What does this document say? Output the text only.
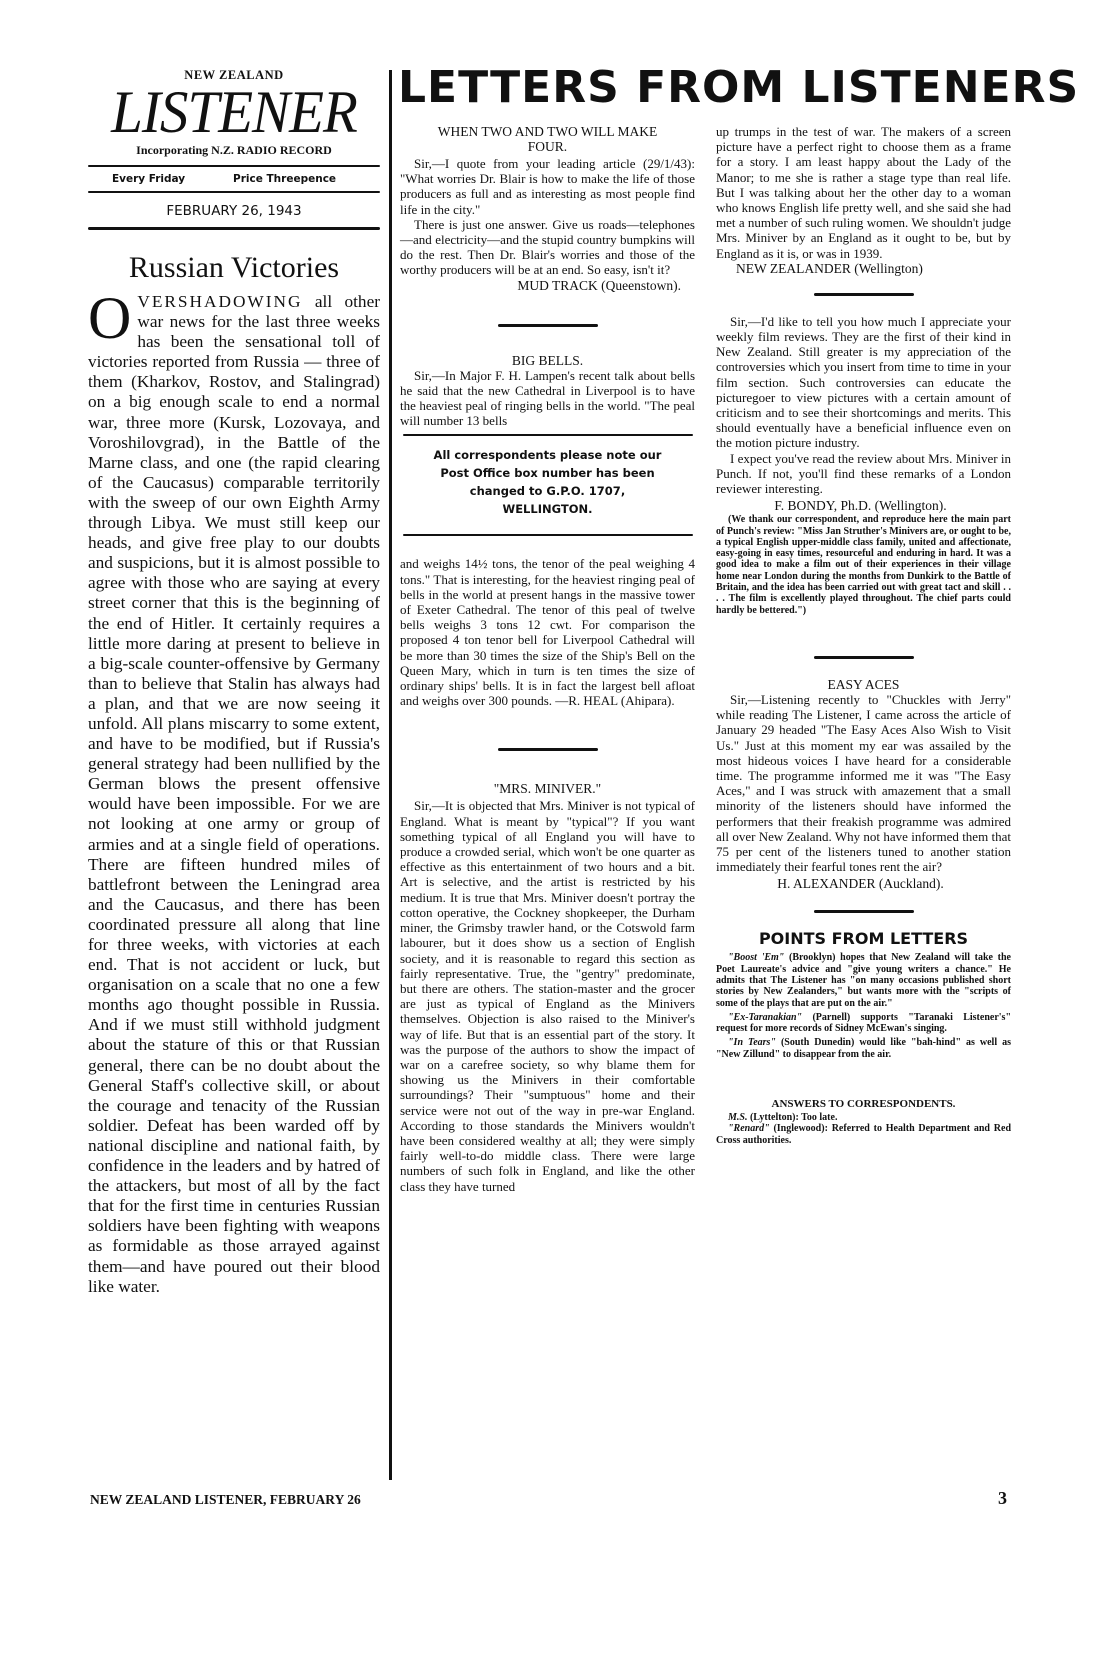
NEW ZEALAND
LISTENER
Incorporating N.Z. RADIO RECORD
Every Friday	Price Threepence
FEBRUARY 26, 1943
Russian Victories
OVERSHADOWING all other war news for the last three weeks has been the sensational toll of victories reported from Russia — three of them (Kharkov, Rostov, and Stalingrad) on a big enough scale to end a normal war, three more (Kursk, Lozovaya, and Voroshilovgrad), in the Battle of the Marne class, and one (the rapid clearing of the Caucasus) comparable territorily with the sweep of our own Eighth Army through Libya. We must still keep our heads, and give free play to our doubts and suspicions, but it is almost possible to agree with those who are saying at every street corner that this is the beginning of the end of Hitler. It certainly requires a little more daring at present to believe in a big-scale counter-offensive by Germany than to believe that Stalin has always had a plan, and that we are now seeing it unfold. All plans miscarry to some extent, and have to be modified, but if Russia's general strategy had been nullified by the German blows the present offensive would have been impossible. For we are not looking at one army or group of armies and at a single field of operations. There are fifteen hundred miles of battlefront between the Leningrad area and the Caucasus, and there has been coordinated pressure all along that line for three weeks, with victories at each end. That is not accident or luck, but organisation on a scale that no one a few months ago thought possible in Russia. And if we must still withhold judgment about the stature of this or that Russian general, there can be no doubt about the General Staff's collective skill, or about the courage and tenacity of the Russian soldier. Defeat has been warded off by national discipline and national faith, by confidence in the leaders and by hatred of the attackers, but most of all by the fact that for the first time in centuries Russian soldiers have been fighting with weapons as formidable as those arrayed against them—and have poured out their blood like water.
LETTERS FROM LISTENERS
WHEN TWO AND TWO WILL MAKE FOUR.

Sir,—I quote from your leading article (29/1/43): "What worries Dr. Blair is how to make the life of those producers as full and as interesting as most people find life in the city."

There is just one answer. Give us roads—telephones—and electricity—and the stupid country bumpkins will do the rest. Then Dr. Blair's worries and those of the worthy producers will be at an end. So easy, isn't it?

MUD TRACK (Queenstown).
BIG BELLS.

Sir,—In Major F. H. Lampen's recent talk about bells he said that the new Cathedral in Liverpool is to have the heaviest peal of ringing bells in the world. "The peal will number 13 bells

All correspondents please note our Post Office box number has been changed to G.P.O. 1707, WELLINGTON.

and weighs 14½ tons, the tenor of the peal weighing 4 tons." That is interesting, for the heaviest ringing peal of bells in the world at present hangs in the massive tower of Exeter Cathedral. The tenor of this peal of twelve bells weighs 3 tons 12 cwt. For comparison the proposed 4 ton tenor bell for Liverpool Cathedral will be more than 30 times the size of the Ship's Bell on the Queen Mary, which in turn is ten times the size of ordinary ships' bells. It is in fact the largest bell afloat and weighs over 300 pounds. —R. HEAL (Ahipara).
"MRS. MINIVER."

Sir,—It is objected that Mrs. Miniver is not typical of England. What is meant by "typical"? If you want something typical of all England you will have to produce a crowded serial, which won't be one quarter as effective as this entertainment of two hours and a bit. Art is selective, and the artist is restricted by his medium. It is true that Mrs. Miniver doesn't portray the cotton operative, the Cockney shopkeeper, the Durham miner, the Grimsby trawler hand, or the Cotswold farm labourer, but it does show us a section of English society, and it is reasonable to regard this section as fairly representative. True, the "gentry" predominate, but there are others. The station-master and the grocer are just as typical of England as the Minivers themselves. Objection is also raised to the Miniver's way of life. But that is an essential part of the story. It was the purpose of the authors to show the impact of war on a carefree society, so why blame them for showing us the Minivers in their comfortable surroundings? Their "sumptuous" home and their service were not out of the way in pre-war England. According to those standards the Minivers wouldn't have been considered wealthy at all; they were simply fairly well-to-do middle class. There were large numbers of such folk in England, and like the other class they have turned

up trumps in the test of war. The makers of a screen picture have a perfect right to choose them as a frame for a story. I am least happy about the Lady of the Manor; to me she is rather a stage type than real life. But I was talking about her the other day to a woman who knows English life pretty well, and she said she had met a number of such ruling women. We shouldn't judge Mrs. Miniver by an England as it ought to be, but by England as it is, or was in 1939.

NEW ZEALANDER (Wellington)

Sir,—I'd like to tell you how much I appreciate your weekly film reviews. They are the first of their kind in New Zealand. Still greater is my appreciation of the controversies which you insert from time to time in your film section. Such controversies can educate the picturegoer to view pictures with a certain amount of criticism and to see their shortcomings and merits. This should eventually have a beneficial influence even on the motion picture industry.

I expect you've read the review about Mrs. Miniver in Punch. If not, you'll find these remarks of a London reviewer interesting.

F. BONDY, Ph.D. (Wellington).

(We thank our correspondent, and reproduce here the main part of Punch's review: "Miss Jan Struther's Minivers are, or ought to be, a typical English upper-middle class family, united and affectionate, easy-going in easy times, resourceful and enduring in hard. It was a good idea to make a film out of their experiences in their village home near London during the months from Dunkirk to the Battle of Britain, and the idea has been carried out with great tact and skill . . . . The film is excellently played throughout. The chief parts could hardly be bettered.")

EASY ACES

Sir,—Listening recently to "Chuckles with Jerry" while reading The Listener, I came across the article of January 29 headed "The Easy Aces Also Wish to Visit Us." Just at this moment my ear was assailed by the most hideous voices I have heard for a considerable time. The programme informed me it was "The Easy Aces," and I was struck with amazement that a small minority of the listeners should have informed the performers that their freakish programme was admired all over New Zealand. Why not have informed them that 75 per cent of the listeners tuned to another station immediately their fearful tones rent the air?

H. ALEXANDER (Auckland).
POINTS FROM LETTERS

"Boost 'Em" (Brooklyn) hopes that New Zealand will take the Poet Laureate's advice and "give young writers a chance." He admits that The Listener has "on many occasions published short stories by New Zealanders," but wants more with the "scripts of some of the plays that are put on the air."

"Ex-Taranakian" (Parnell) supports "Taranaki Listener's" request for more records of Sidney McEwan's singing.

"In Tears" (South Dunedin) would like "bah-hind" as well as "New Zillund" to disappear from the air.

ANSWERS TO CORRESPONDENTS.

M.S. (Lyttelton): Too late.

"Renard" (Inglewood): Referred to Health Department and Red Cross authorities.

NEW ZEALAND LISTENER, FEBRUARY 26	3
